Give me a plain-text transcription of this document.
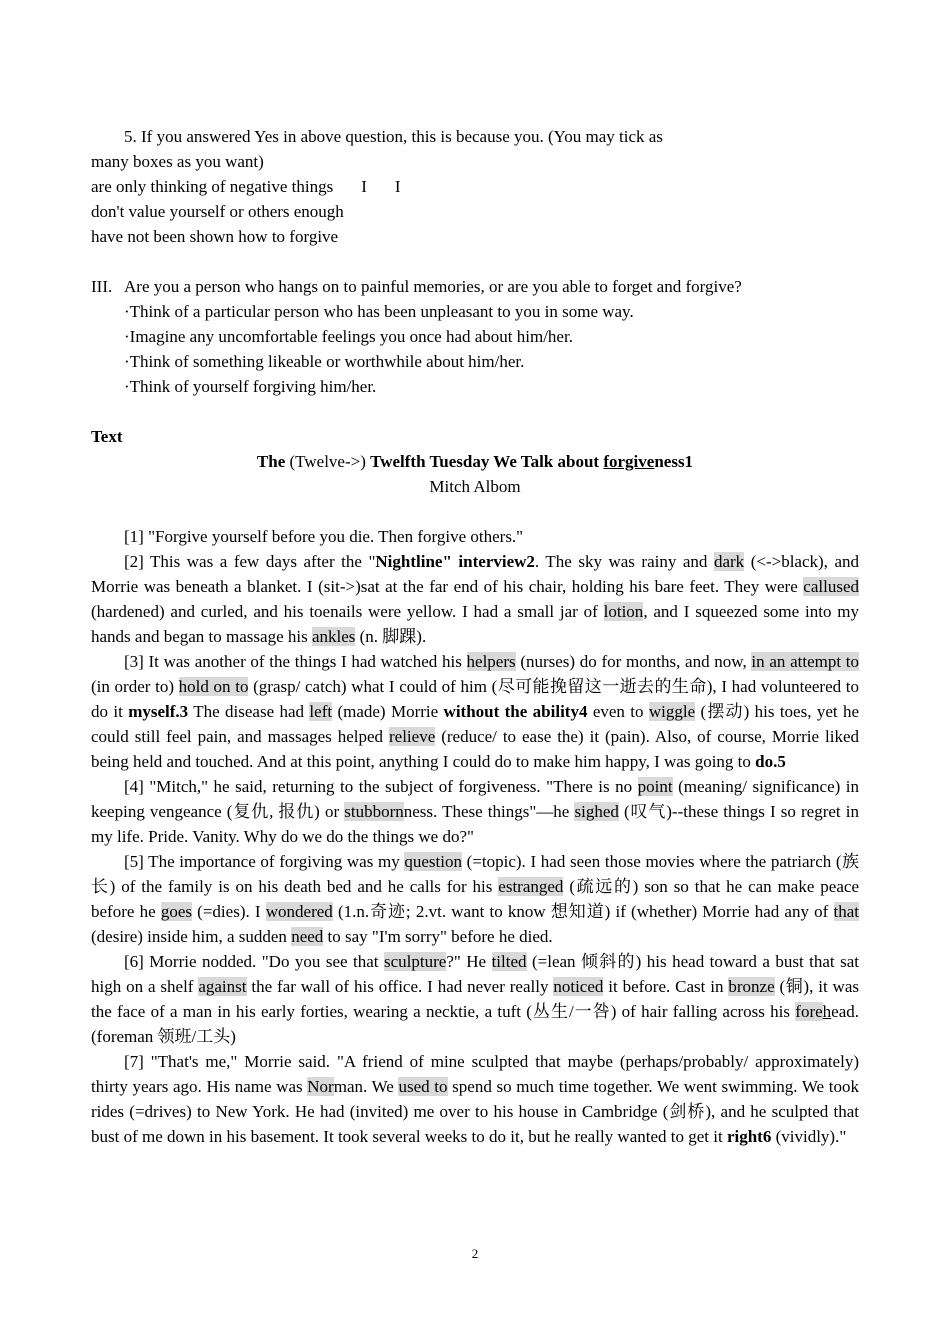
5. If you answered Yes in above question, this is because you. (You may tick as

many boxes as you want)

are only thinking of negative things I I

don't value yourself or others enough

have not been shown how to forgive

III. Are you a person who hangs on to painful memories, or are you able to forget and forgive?

·Think of a particular person who has been unpleasant to you in some way.

·Imagine any uncomfortable feelings you once had about him/her.

·Think of something likeable or worthwhile about him/her.

·Think of yourself forgiving him/her.

Text

The (Twelve->) Twelfth Tuesday We Talk about forgiveness1

Mitch Albom

[1] "Forgive yourself before you die. Then forgive others."

[2] This was a few days after the "Nightline" interview2. The sky was rainy and dark (<->black), and Morrie was beneath a blanket. I (sit->)sat at the far end of his chair, holding his bare feet. They were callused (hardened) and curled, and his toenails were yellow. I had a small jar of lotion, and I squeezed some into my hands and began to massage his ankles (n. 脚踝).

[3] It was another of the things I had watched his helpers (nurses) do for months, and now, in an attempt to (in order to) hold on to (grasp/ catch) what I could of him (尽可能挽留这一逝去的生命), I had volunteered to do it myself.3 The disease had left (made) Morrie without the ability4 even to wiggle (摆动) his toes, yet he could still feel pain, and massages helped relieve (reduce/ to ease the) it (pain). Also, of course, Morrie liked being held and touched. And at this point, anything I could do to make him happy, I was going to do.5

[4] "Mitch," he said, returning to the subject of forgiveness. "There is no point (meaning/ significance) in keeping vengeance (复仇, 报仇) or stubbornness. These things"—he sighed (叹气)--these things I so regret in my life. Pride. Vanity. Why do we do the things we do?"

[5] The importance of forgiving was my question (=topic). I had seen those movies where the patriarch (族长) of the family is on his death bed and he calls for his estranged (疏远的) son so that he can make peace before he goes (=dies). I wondered (1.n.奇迹; 2.vt. want to know 想知道) if (whether) Morrie had any of that (desire) inside him, a sudden need to say "I'm sorry" before he died.

[6] Morrie nodded. "Do you see that sculpture?" He tilted (=lean 倾斜的) his head toward a bust that sat high on a shelf against the far wall of his office. I had never really noticed it before. Cast in bronze (铜), it was the face of a man in his early forties, wearing a necktie, a tuft (丛生/一咎) of hair falling across his forehead. (foreman 领班/工头)

[7] "That's me," Morrie said. "A friend of mine sculpted that maybe (perhaps/probably/ approximately) thirty years ago. His name was Norman. We used to spend so much time together. We went swimming. We took rides (=drives) to New York. He had (invited) me over to his house in Cambridge (剑桥), and he sculpted that bust of me down in his basement. It took several weeks to do it, but he really wanted to get it right6 (vividly)."

2
